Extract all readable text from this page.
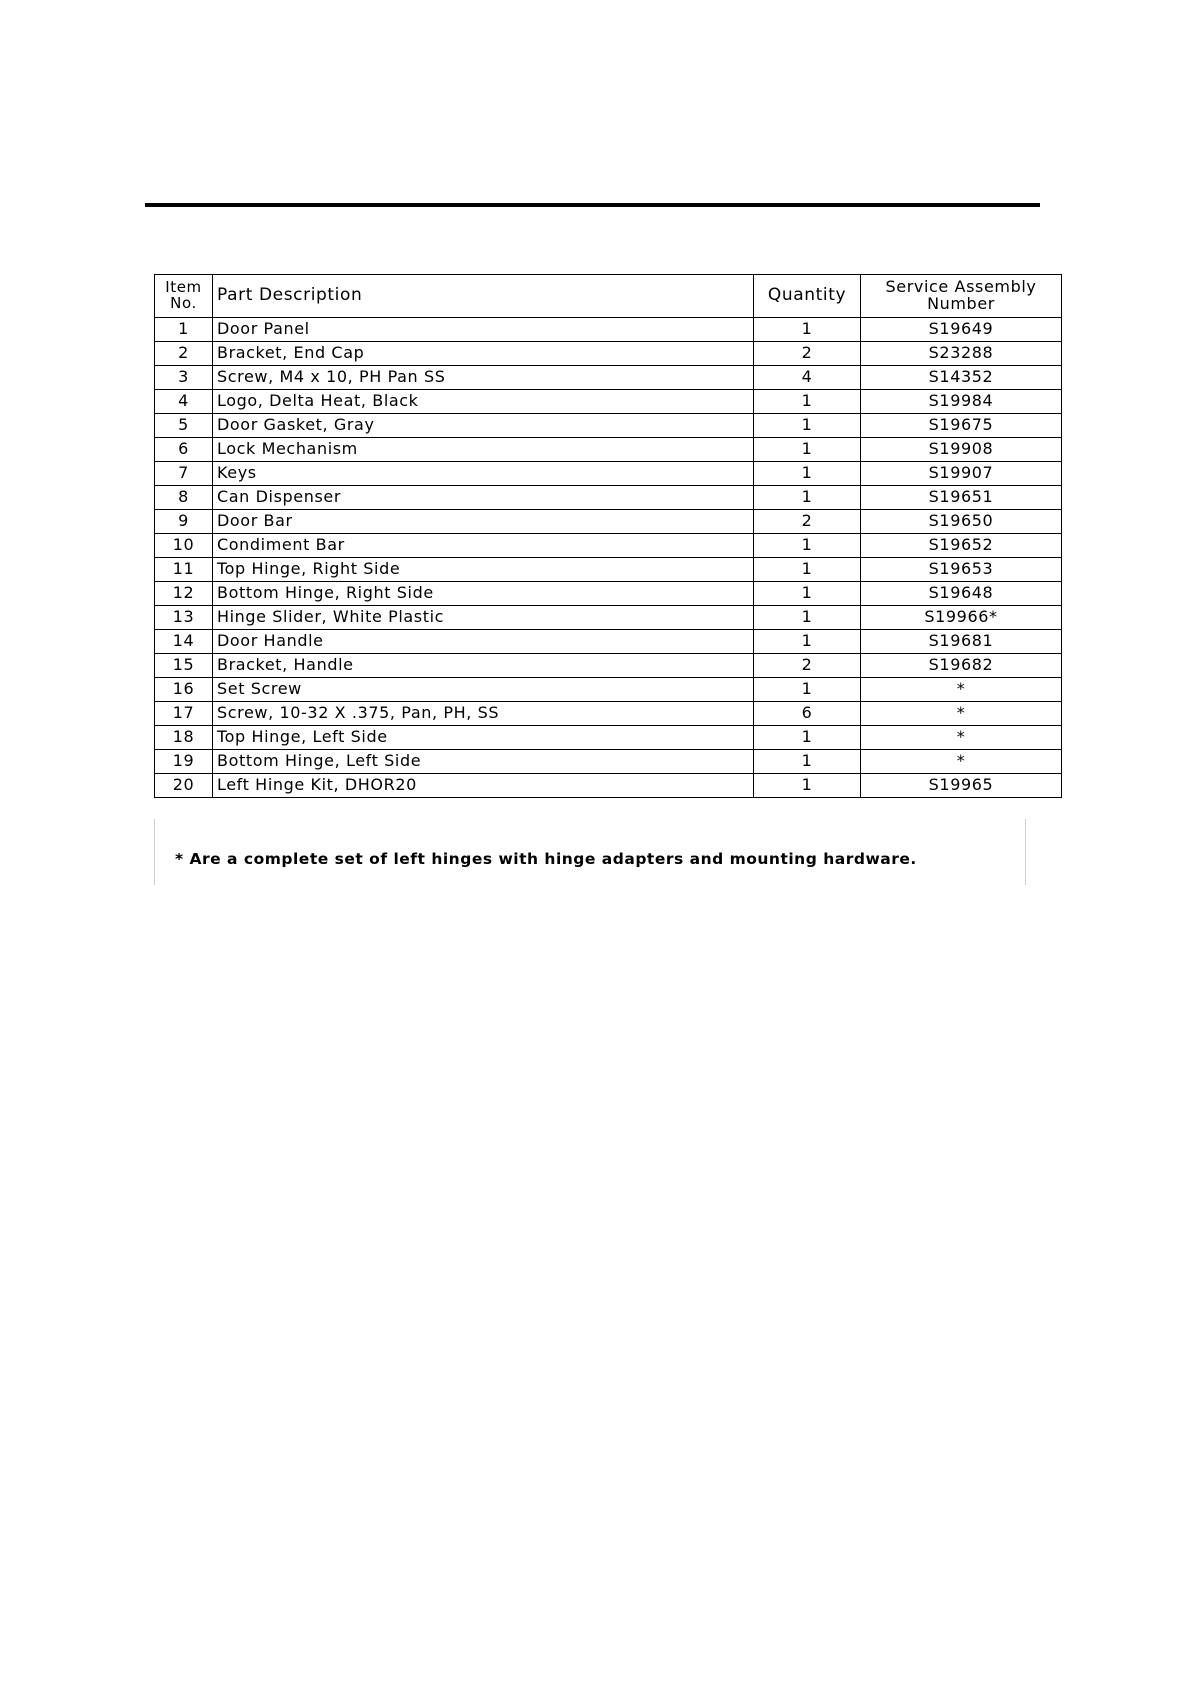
Item
No.	Part Description	Quantity	Service Assembly
Number

1	Door Panel	1	S19649
2	Bracket, End Cap	2	S23288
3	Screw, M4 x 10, PH Pan SS	4	S14352
4	Logo, Delta Heat, Black	1	S19984
5	Door Gasket, Gray	1	S19675
6	Lock Mechanism	1	S19908
7	Keys	1	S19907
8	Can Dispenser	1	S19651
9	Door Bar	2	S19650
10	Condiment Bar	1	S19652
11	Top Hinge, Right Side	1	S19653
12	Bottom Hinge, Right Side	1	S19648
13	Hinge Slider, White Plastic	1	S19966*
14	Door Handle	1	S19681
15	Bracket, Handle	2	S19682
16	Set Screw	1	*
17	Screw, 10-32 X .375, Pan, PH, SS	6	*
18	Top Hinge, Left Side	1	*
19	Bottom Hinge, Left Side	1	*
20	Left Hinge Kit, DHOR20	1	S19965
* Are a complete set of left hinges with hinge adapters and mounting hardware.
